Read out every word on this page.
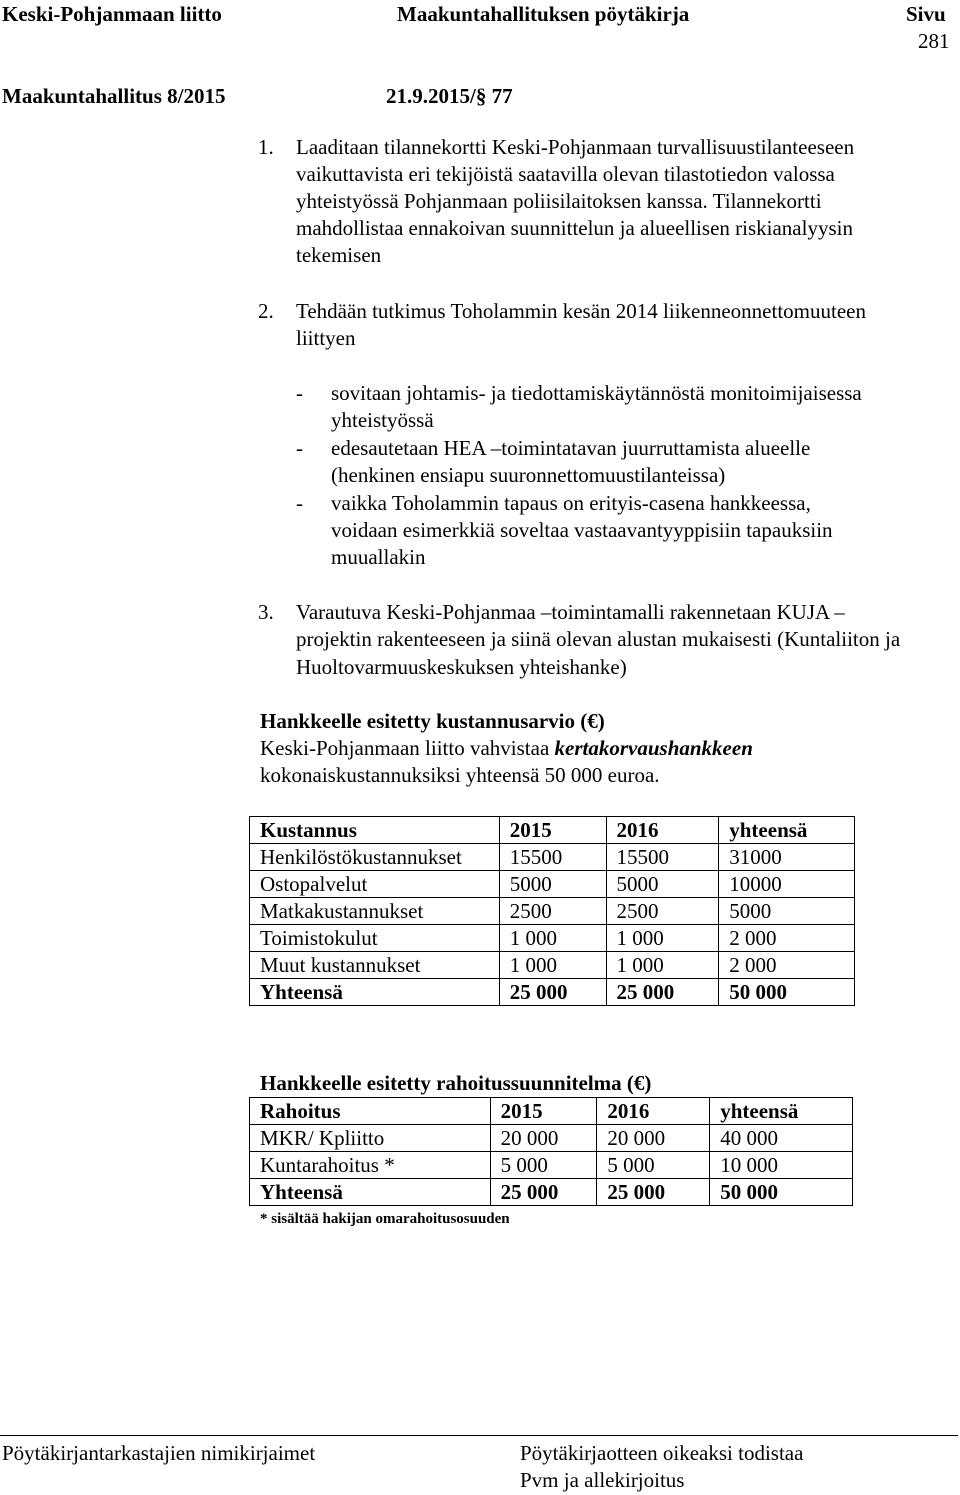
Keski-Pohjanmaan liitto	Maakuntahallituksen pöytäkirja	Sivu
281
Maakuntahallitus 8/2015	21.9.2015/§ 77
1. Laaditaan tilannekortti Keski-Pohjanmaan turvallisuustilanteeseen
vaikuttavista eri tekijöistä saatavilla olevan tilastotiedon valossa
yhteistyössä Pohjanmaan poliisilaitoksen kanssa. Tilannekortti
mahdollistaa ennakoivan suunnittelun ja alueellisen riskianalyysin
tekemisen
2. Tehdään tutkimus Toholammin kesän 2014 liikenneonnettomuuteen
liittyen
- sovitaan johtamis- ja tiedottamiskäytännöstä monitoimijaisessa
yhteistyössä
- edesautetaan HEA –toimintatavan juurruttamista alueelle
(henkinen ensiapu suuronnettomuustilanteissa)
- vaikka Toholammin tapaus on erityis-casena hankkeessa,
voidaan esimerkkiä soveltaa vastaavantyyppisiin tapauksiin
muuallakin
3. Varautuva Keski-Pohjanmaa –toimintamalli rakennetaan KUJA –
projektin rakenteeseen ja siinä olevan alustan mukaisesti (Kuntaliiton ja
Huoltovarmuuskeskuksen yhteishanke)
Hankkeelle esitetty kustannusarvio (€)
Keski-Pohjanmaan liitto vahvistaa kertakorvaushankkeen
kokonaiskustannuksiksi yhteensä 50 000 euroa.
Kustannus	2015	2016	yhteensä
Henkilöstökustannukset	15500	15500	31000
Ostopalvelut	5000	5000	10000
Matkakustannukset	2500	2500	5000
Toimistokulut	1 000	1 000	2 000
Muut kustannukset	1 000	1 000	2 000
Yhteensä	25 000	25 000	50 000
Hankkeelle esitetty rahoitussuunnitelma (€)
Rahoitus	2015	2016	yhteensä
MKR/ Kpliitto	20 000	20 000	40 000
Kuntarahoitus *	5 000	5 000	10 000
Yhteensä	25 000	25 000	50 000
* sisältää hakijan omarahoitusosuuden
Pöytäkirjantarkastajien nimikirjaimet	Pöytäkirjaotteen oikeaksi todistaa
Pvm ja allekirjoitus
